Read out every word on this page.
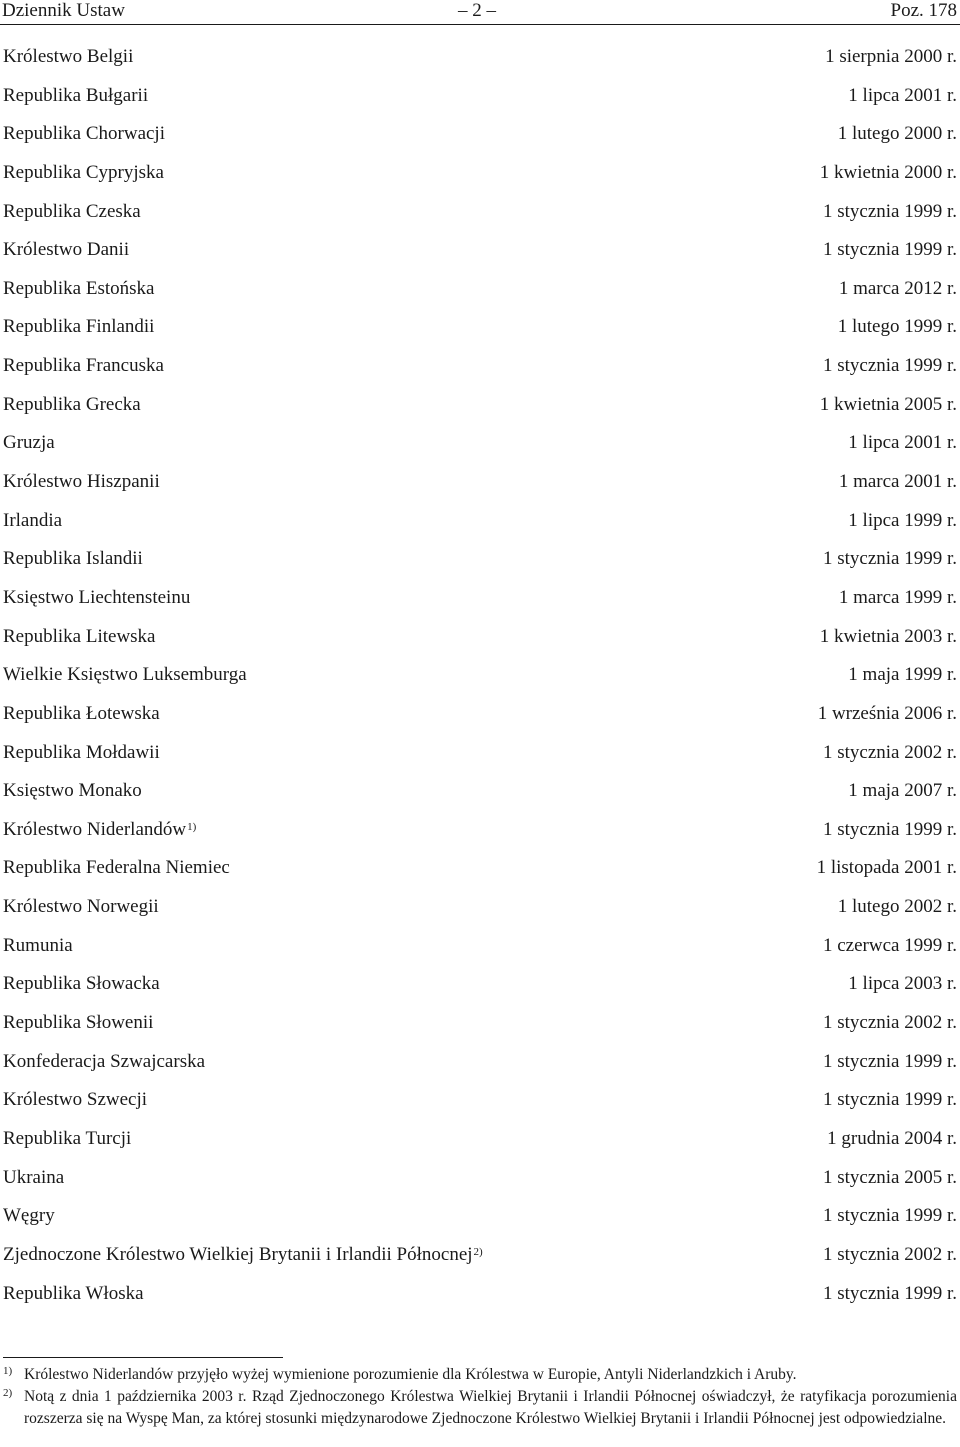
Dziennik Ustaw	– 2 –	Poz. 178
Królestwo Belgii	1 sierpnia 2000 r.
Republika Bułgarii	1 lipca 2001 r.
Republika Chorwacji	1 lutego 2000 r.
Republika Cypryjska	1 kwietnia 2000 r.
Republika Czeska	1 stycznia 1999 r.
Królestwo Danii	1 stycznia 1999 r.
Republika Estońska	1 marca 2012 r.
Republika Finlandii	1 lutego 1999 r.
Republika Francuska	1 stycznia 1999 r.
Republika Grecka	1 kwietnia 2005 r.
Gruzja	1 lipca 2001 r.
Królestwo Hiszpanii	1 marca 2001 r.
Irlandia	1 lipca 1999 r.
Republika Islandii	1 stycznia 1999 r.
Księstwo Liechtensteinu	1 marca 1999 r.
Republika Litewska	1 kwietnia 2003 r.
Wielkie Księstwo Luksemburga	1 maja 1999 r.
Republika Łotewska	1 września 2006 r.
Republika Mołdawii	1 stycznia 2002 r.
Księstwo Monako	1 maja 2007 r.
Królestwo Niderlandów$^{1)}$	1 stycznia 1999 r.
Republika Federalna Niemiec	1 listopada 2001 r.
Królestwo Norwegii	1 lutego 2002 r.
Rumunia	1 czerwca 1999 r.
Republika Słowacka	1 lipca 2003 r.
Republika Słowenii	1 stycznia 2002 r.
Konfederacja Szwajcarska	1 stycznia 1999 r.
Królestwo Szwecji	1 stycznia 1999 r.
Republika Turcji	1 grudnia 2004 r.
Ukraina	1 stycznia 2005 r.
Węgry	1 stycznia 1999 r.
Zjednoczone Królestwo Wielkiej Brytanii i Irlandii Północnej$^{2)}$	1 stycznia 2002 r.
Republika Włoska	1 stycznia 1999 r.
1) Królestwo Niderlandów przyjęło wyżej wymienione porozumienie dla Królestwa w Europie, Antyli Niderlandzkich i Aruby.
2) Notą z dnia 1 października 2003 r. Rząd Zjednoczonego Królestwa Wielkiej Brytanii i Irlandii Północnej oświadczył, że ratyfikacja porozumienia rozszerza się na Wyspę Man, za której stosunki międzynarodowe Zjednoczone Królestwo Wielkiej Brytanii i Irlandii Północnej jest odpowiedzialne.
